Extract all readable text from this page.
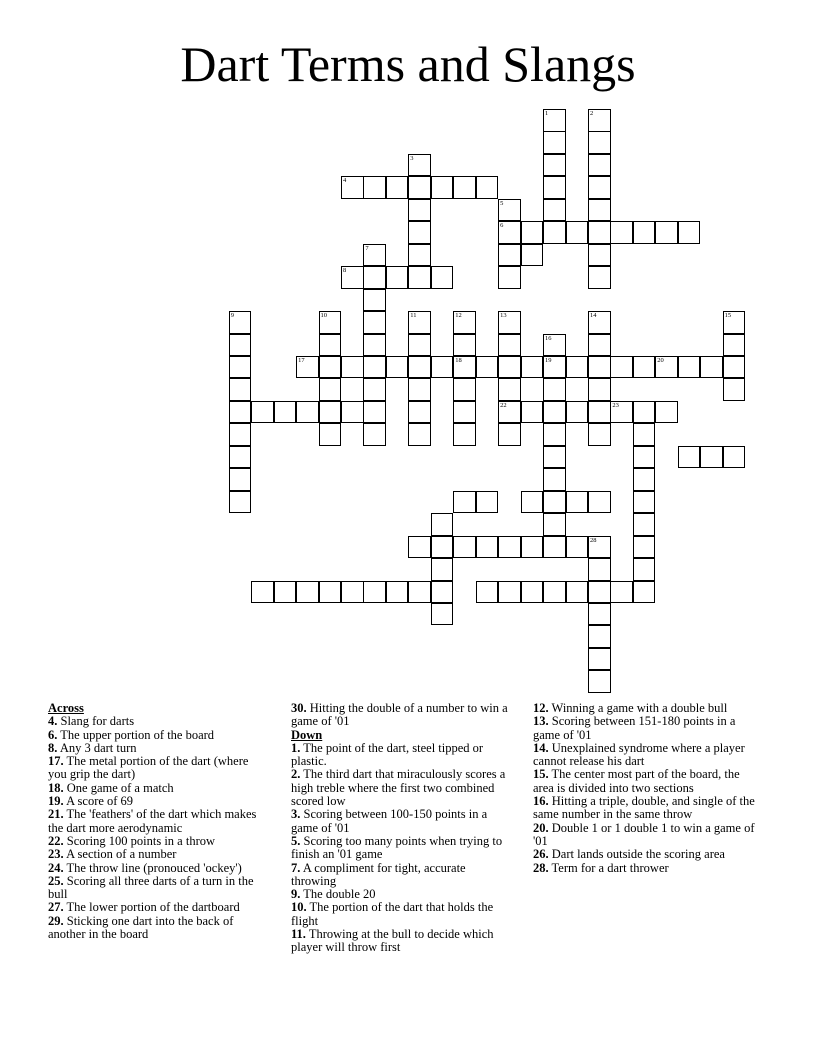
Dart Terms and Slangs
1	2
3
4
5
6
7
8
9	10	11	12
18
13
22
14	15
16
19
17	20
23
28
Across
4. Slang for darts
6. The upper portion of the board
8. Any 3 dart turn
17. The metal portion of the dart (where you grip the dart)
18. One game of a match
19. A score of 69
21. The 'feathers' of the dart which makes the dart more aerodynamic
22. Scoring 100 points in a throw
23. A section of a number
24. The throw line (pronouced 'ockey')
25. Scoring all three darts of a turn in the bull
27. The lower portion of the dartboard
29. Sticking one dart into the back of another in the board
30. Hitting the double of a number to win a game of '01
Down
1. The point of the dart, steel tipped or plastic.
2. The third dart that miraculously scores a high treble where the first two combined scored low
3. Scoring between 100-150 points in a game of '01
5. Scoring too many points when trying to finish an '01 game
7. A compliment for tight, accurate throwing
9. The double 20
10. The portion of the dart that holds the flight
11. Throwing at the bull to decide which player will throw first
12. Winning a game with a double bull
13. Scoring between 151-180 points in a game of '01
14. Unexplained syndrome where a player cannot release his dart
15. The center most part of the board, the area is divided into two sections
16. Hitting a triple, double, and single of the same number in the same throw
20. Double 1 or 1 double 1 to win a game of '01
26. Dart lands outside the scoring area
28. Term for a dart thrower
